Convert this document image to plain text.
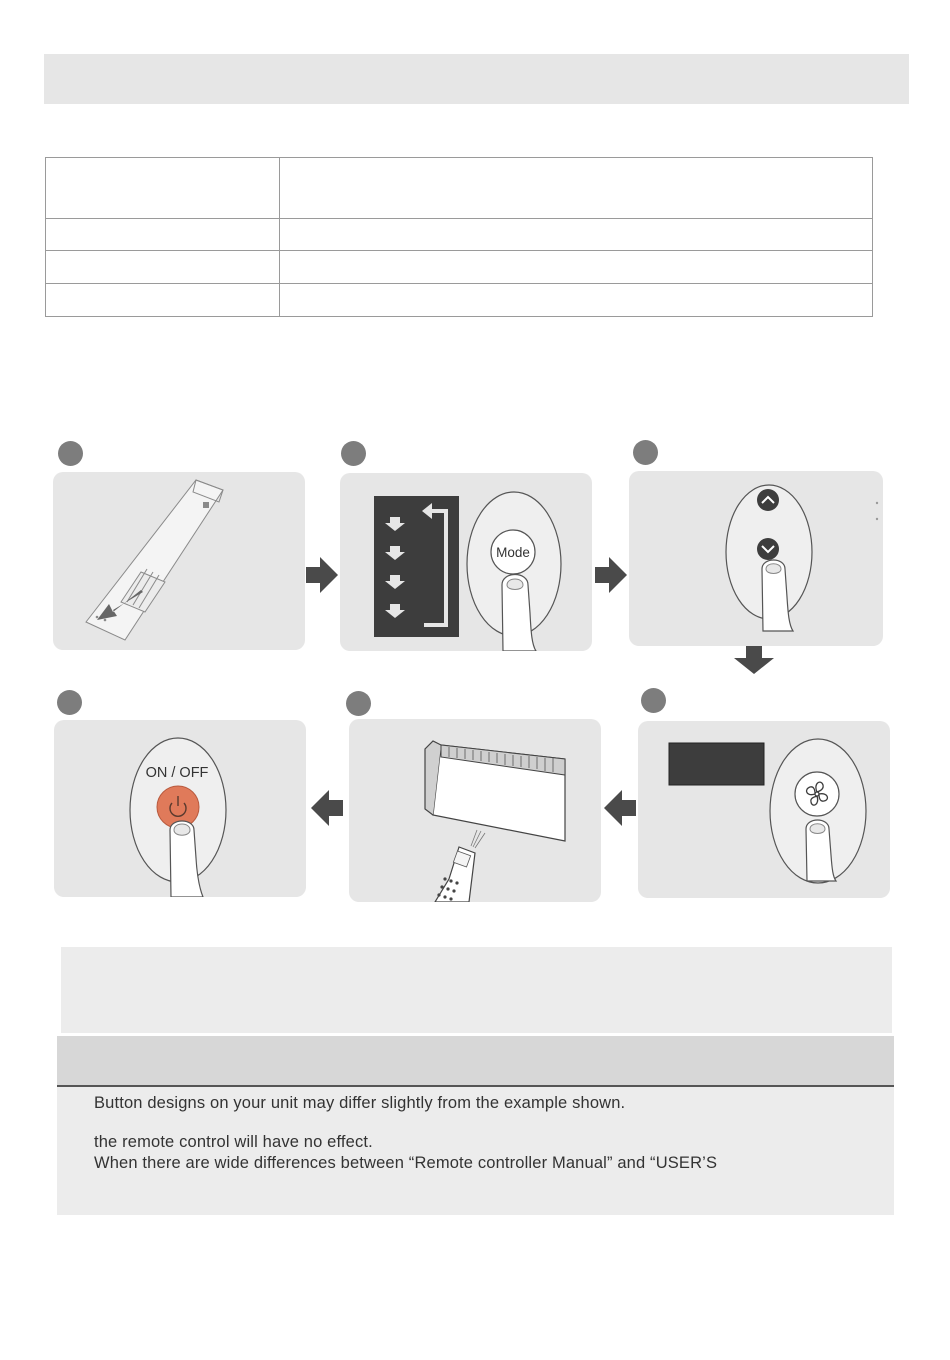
Mode
ON / OFF
Button designs on your unit may differ slightly from the example shown.
the remote control will have no effect.
When there are wide differences between “Remote controller Manual” and “USER’S
